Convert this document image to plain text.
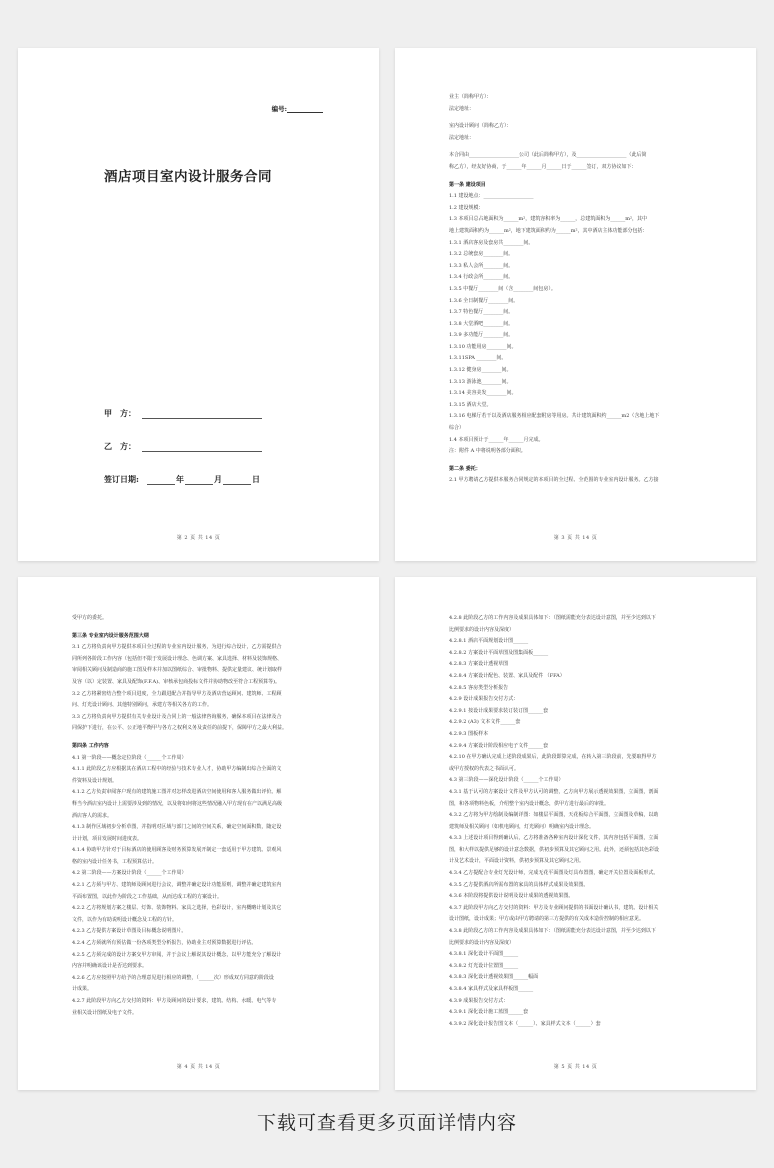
编号:
酒店项目室内设计服务合同
甲　方：
乙　方：
签订日期:	年	月	日
第 2 页 共 14 页
业主（简称甲方）：
法定地址：
室内设计顾问（简称乙方）：
法定地址：
本合同由____________________公司（此后简称甲方），及____________________（此后简
称乙方），经友好协商，于______年______月______日于______签订，双方协议如下：
第一条 建设项目
1.1 建设地点：____________________
1.2 建设规模：
1.3 本项目总占地面积为______m²，建筑容积率为______，总建筑面积为______m²，其中
地上建筑面积约为______m²，地下建筑面积约为______m²，其中酒店主体功能部分包括：
1.3.1 酒店客房及套房共________间。
1.3.2 总统套房________间。
1.3.3 私人会所________间。
1.3.4 行政会所________间。
1.3.5 中餐厅________间（含________间包房）。
1.3.6 全日制餐厅________间。
1.3.7 特色餐厅________间。
1.3.8 大堂酒吧________间。
1.3.9 多功能厅________间。
1.3.10 功能用房________间。
1.3.11SPA ________间。
1.3.12 健身房________间。
1.3.13 游泳池________间。
1.3.14 美容美发________间。
1.3.15 酒店大堂。
1.3.16 电梯厅若干以及酒店服务相应配套附房等用房。共计建筑面积约______m2（含地上地下
综合）
1.4 本项目预计于______年______月完成。
注：附件 A 中将说明各部分面积。
第二条 委托：
2.1 甲方聘请乙方提供本服务合同规定的本项目的全过程、全范围的专业室内设计服务。乙方接
第 3 页 共 14 页
受甲方的委托。
第三条 专业室内设计服务范围大纲
3.1 乙方将负责向甲方提供本项目全过程的专业室内设计服务，为进行综合设计，乙方需提供合
同所列各阶段工作内容（包括但不限于发展设计理念、色调方案、家具选择、材料及装饰规格、
审阅相关顾问及制造商的施工图及样本并加以图纸综合、审批物料、提供定量建议、统计划取样
及容（以）定装置、家具及配饰(F.F.A)、审核承包商投标文件并协助物改至符合工程预算等)。
3.2 乙方将紧密结合整个项目进度，全力跟进配合并指导甲方及酒店营运顾问、建筑师、工程顾
问、灯光设计顾问、其他特别顾问，承建方等相关各方的工作。
3.3 乙方将负责向甲方提供有关专业设计及合同上的一般法律咨询服务，确保本项目在法律及合
同保护下进行，在公平、公正地平衡甲与各方之权利义务及责任的前提下，保障甲方之最大利益。
第四条 工作内容
4.1 第一阶段——概念定位阶段（______个工作周）
4.1.1 此阶段乙方应根据其在酒店工程中的经验与技术专业人才，协助甲方编制出综合全面的文
件资料及设计规划。
4.1.2 乙方负责审阅客户现有的建筑施工图并对怎样改进酒店空间使用和客人服务做出评价。解
释当今酒店室内设计上需要涉及到的情况，以及将如何将这些情况融入甲方现有在产以满足高级
酒店客人的需求。
4.1.3 制作区域初步分析草图，并指明对区域与部门之间的空间关系，确定空间面积数，随定设
计计划，项目发展时间进度表。
4.1.4 协助甲方针对于目标酒店的使用顾客及财务预算发展开制定一套适用于甲方建筑、景观风
格的室内设计任务书，工程预算估计。
4.2 第二阶段——方案设计阶段（______个工作周）
4.2.1 乙方须与甲方、建筑师及顾问进行会议，调整并确定设计功能原则，调整并确定建筑室内
平面布置图，以此作为阶段之工作基础，从而达成工程的方案设计。
4.2.2 乙方将规划方案之楼层、灯饰、装饰物料、家具之选择，色彩设计，室内概略计划及其它
文件，以作为有助说明设计概念及工程的方针。
4.2.3 乙方提供方案设计草图及目标概念说明图片。
4.2.4 乙方须就所有预估做一份各项类型分析报告，协助业主对预算数据进行评估。
4.2.5 乙方须完成的设计方案交甲方审阅，并于会议上解说其设计概念，以甲方能充分了解设计
内容并明确该设计是否达到要求。
4.2.6 乙方应按照甲方给予的合理意见进行相应的调整，（______次）形成双方同意的阶段设
计成果。
4.2.7 此阶段甲方向乙方交付的资料：甲方及顾问的设计要求，建筑、结构、水暖、电气等专
业相关设计图纸及电子文件。
第 4 页 共 14 页
4.2.8 此阶段乙方的工作内容及成果具体如下：（图纸需能充分表达设计意图，并至少达到以下
比例要求的设计内容及深度）
4.2.8.1 酒店平面规划设计图______
4.2.8.2 方案设计平面草图及图集面板______
4.2.8.3 方案设计透视草图
4.2.8.4 方案设计配色、装置、家具及配件 （FFA）
4.2.8.5 客房类型分析报告
4.2.9 设计成果报告交付方式：
4.2.9.1 按设计成果要求装订装订图______套
4.2.9.2 (A3) 文本文件______套
4.2.9.3 图板样本
4.2.9.4 方案设计阶段相应电子文件______套
4.2.10 在甲方确认完成上述阶段成果后，此阶段即算完成，在转入第三阶段前，先要取得甲方
或甲方授权的代表之书面认可。
4.3 第三阶段——深化设计阶段（______个工作周）
4.3.1 基于认可的方案设计文件及甲方认可的调整，乙方向甲方展示透视效果图，立面图，剖面
图，和各项物料色板，介绍整个室内设计概念，供甲方进行最后的审批。
4.3.2 乙方将为甲方绘制及编制详图：如楼层平面图，天花板综合平面图，立面图及草稿，以助
建筑师及相关顾问（如机电顾问，灯光顾问）明确室内设计理念。
4.3.3 上述设计项目得到确认后，乙方将准备各种室内设计深化文件，其内容包括平面图，立面
图，和大样以提供足够的设计意念数据，供初步预算及其它顾问之用。此外，还须包括其色彩设
计及艺术设计，平面设计资料，供初步预算及其它顾问之用。
4.3.4 乙方提配合专业灯光设计师，完成无花平面图及灯具布置图，确定开关位置及面板形式。
4.3.5 乙方提供酒店所需布置的家具的具体样式成果及效果图。
4.3.6 本阶段将提供设计说明及设计成果的透视效果图。
4.3.7 此阶段甲方向乙方交付的资料：甲方及专业顾问提供的书面设计确认书，建筑、设计相关
设计图纸，设计成果；甲方或由甲方聘请的第三方提供的有关成本造价控制的相应意见。
4.3.8 此阶段乙方的工作内容及成果具体如下：（图纸需能充分表达设计意图，并至少达到以下
比例要求的设计内容及深度）
4.3.8.1 深化设计平面图______
4.3.8.2 灯光设计位置图______
4.3.8.3 深化设计透视效果图______幅面
4.3.8.4 家具样式及家具样板图______
4.3.9 成果报告交付方式：
4.3.9.1 深化设计施工蓝图______套
4.3.9.2 深化设计报告图文本（______）、家具样式文本（______）套
第 5 页 共 14 页
下载可查看更多页面详情内容
